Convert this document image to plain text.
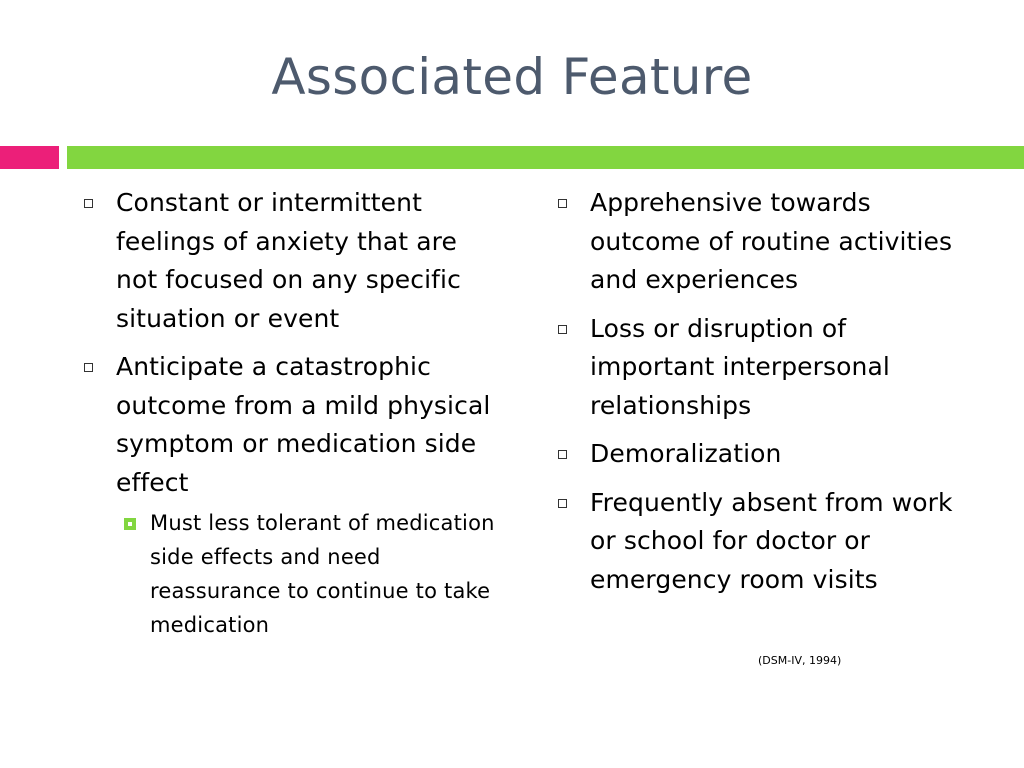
Associated Feature
Constant or intermittent feelings of anxiety that are not focused on any specific situation or event
Anticipate a catastrophic outcome from a mild physical symptom or medication side effect
Must less tolerant of medication side effects and need reassurance to continue to take medication
Apprehensive towards outcome of routine activities and experiences
Loss or disruption of important interpersonal relationships
Demoralization
Frequently absent from work or school for doctor or emergency room visits
(DSM-IV, 1994)
